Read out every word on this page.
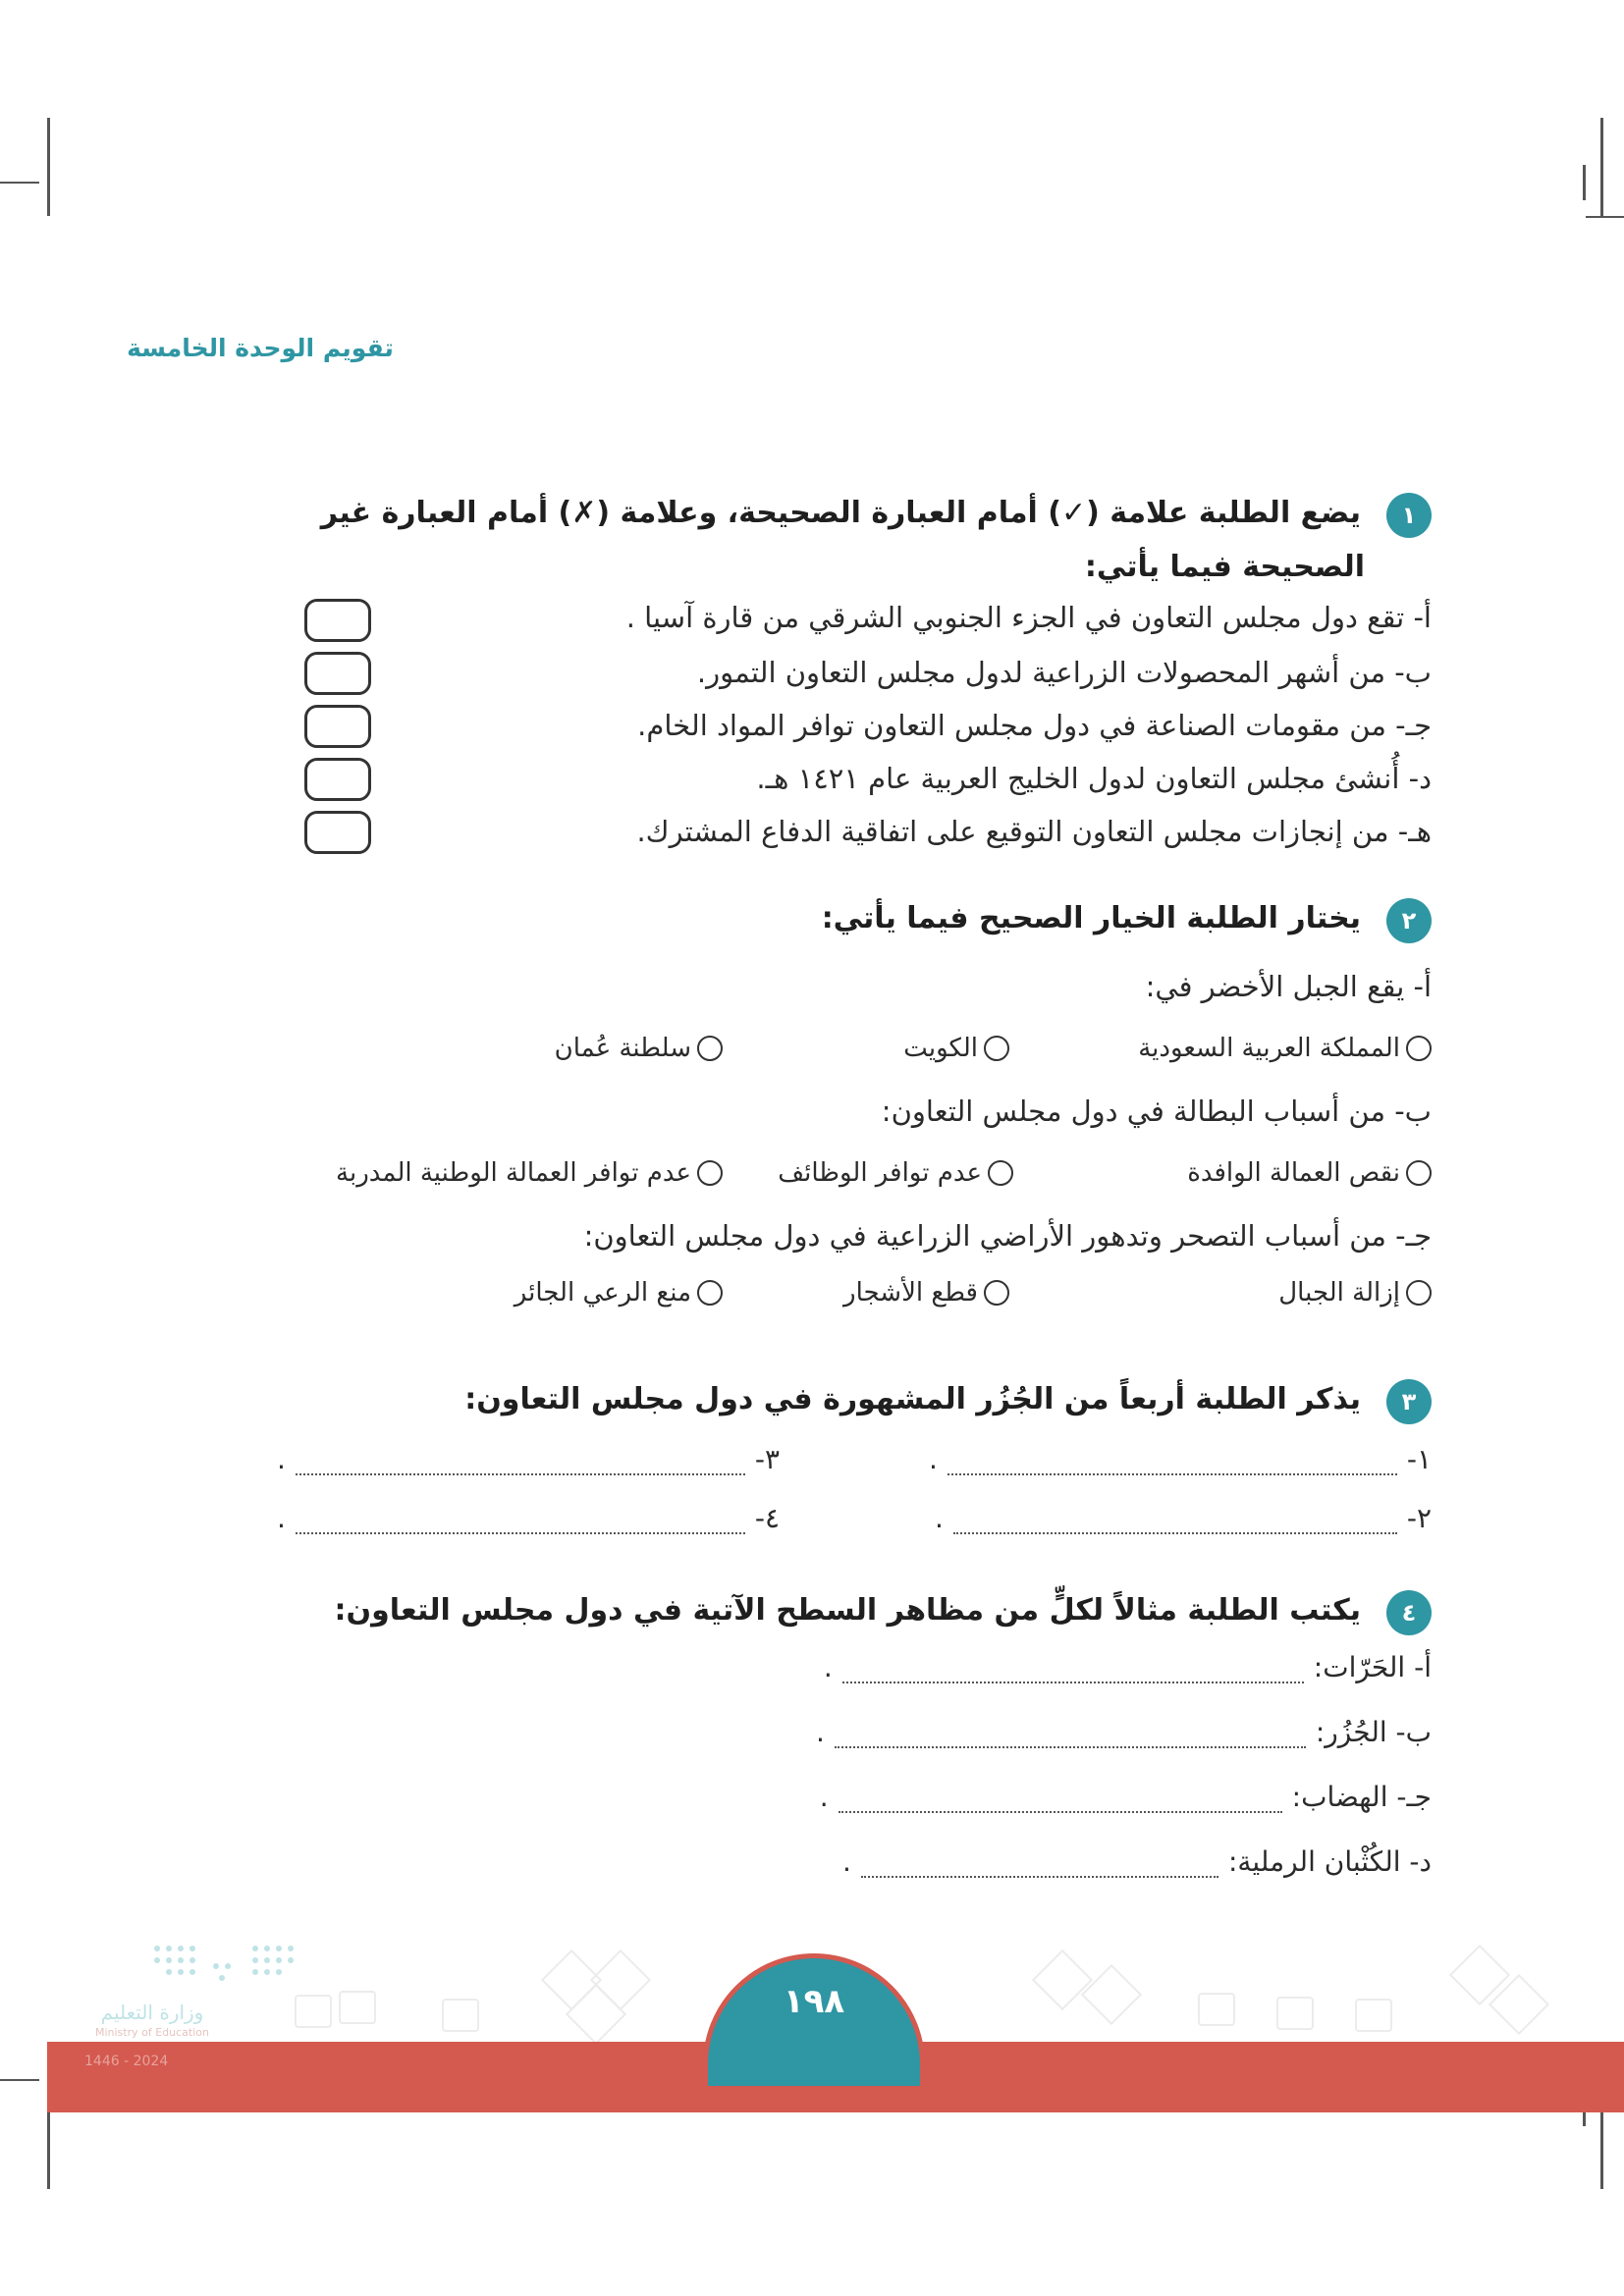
تقويم الوحدة الخامسة
١
يضع الطلبة علامة (✓) أمام العبارة الصحيحة، وعلامة (✗) أمام العبارة غير
الصحيحة فيما يأتي:
أ- تقع دول مجلس التعاون في الجزء الجنوبي الشرقي من قارة آسيا .
ب- من أشهر المحصولات الزراعية لدول مجلس التعاون التمور.
جـ- من مقومات الصناعة في دول مجلس التعاون توافر المواد الخام.
د- أُنشئ مجلس التعاون لدول الخليج العربية عام ١٤٢١ هـ.
هـ- من إنجازات مجلس التعاون التوقيع على اتفاقية الدفاع المشترك.
٢
يختار الطلبة الخيار الصحيح فيما يأتي:
أ- يقع الجبل الأخضر في:
المملكة العربية السعودية
الكويت
سلطنة عُمان
ب- من أسباب البطالة في دول مجلس التعاون:
نقص العمالة الوافدة
عدم توافر الوظائف
عدم توافر العمالة الوطنية المدربة
جـ- من أسباب التصحر وتدهور الأراضي الزراعية في دول مجلس التعاون:
إزالة الجبال
قطع الأشجار
منع الرعي الجائر
٣
يذكر الطلبة أربعاً من الجُزُر المشهورة في دول مجلس التعاون:
١-
.
٣-
.
٢-
.
٤-
.
٤
يكتب الطلبة مثالاً لكلٍّ من مظاهر السطح الآتية في دول مجلس التعاون:
أ- الحَرّات:
.
ب- الجُزُر:
.
جـ- الهضاب:
.
د- الكُثْبان الرملية:
.
وزارة التعليم
Ministry of Education
2024 - 1446
١٩٨
